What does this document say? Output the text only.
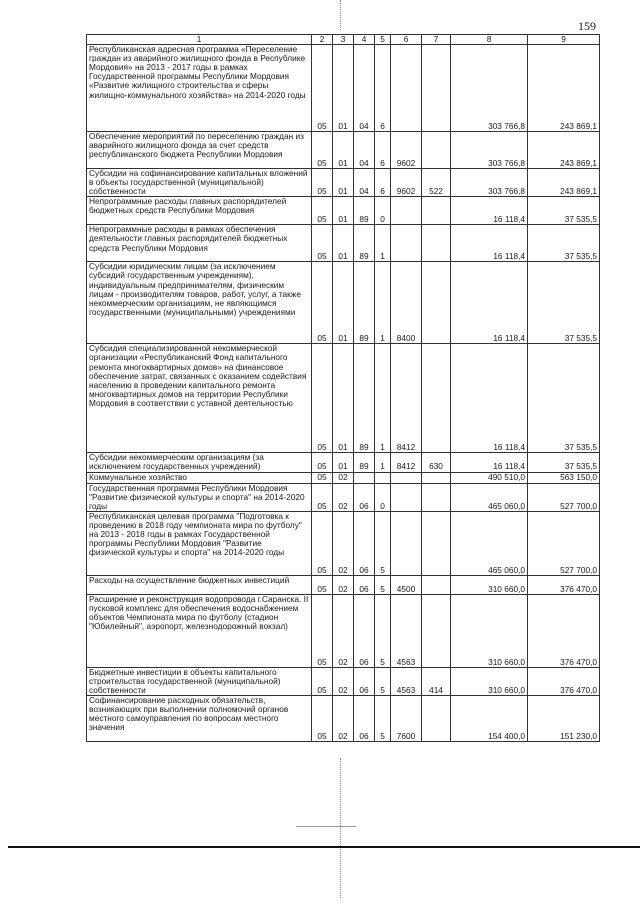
159
1	2	3	4	5	6	7	8	9
Республиканская адресная программа «Переселение граждан из аварийного жилищного фонда в Республике Мордовия» на 2013 - 2017 годы в рамках Государственной программы Республики Мордовия «Развитие жилищного строительства и сферы жилищно-коммунального хозяйства» на 2014-2020 годы	05	01	04	6			303 766,8	243 869,1
Обеспечение мероприятий по переселению граждан из аварийного жилищного фонда за счет средств республиканского бюджета Республики Мордовия	05	01	04	6	9602		303 766,8	243 869,1
Субсидии на софинансирование капитальных вложений в объекты государственной (муниципальной) собственности	05	01	04	6	9602	522	303 766,8	243 869,1
Непрограммные расходы главных распорядителей бюджетных средств Республики Мордовия	05	01	89	0			16 118,4	37 535,5
Непрограммные расходы в рамках обеспечения деятельности главных распорядителей бюджетных средств Республики Мордовия	05	01	89	1			16 118,4	37 535,5
Субсидии юридическим лицам (за исключением субсидий государственным учреждениям), индивидуальным предпринимателям, физическим лицам - производителям товаров, работ, услуг, а также некоммерческим организациям, не являющимся государственными (муниципальными) учреждениями	05	01	89	1	8400		16 118,4	37 535,5
Субсидия специализированной некоммерческой организации «Республиканский Фонд капитального ремонта многоквартирных домов» на финансовое обеспечение затрат, связанных с оказанием содействия населению в проведении капитального ремонта многоквартирных домов на территории Республики Мордовия в соответствии с уставной деятельностью	05	01	89	1	8412		16 118,4	37 535,5
Субсидии некоммерческим организациям (за исключением государственных учреждений)	05	01	89	1	8412	630	16 118,4	37 535,5
Коммунальное хозяйство	05	02					490 510,0	563 150,0
Государственная программа Республики Мордовия "Развитие физической культуры и спорта" на 2014-2020 годы	05	02	06	0			465 060,0	527 700,0
Республиканская целевая программа "Подготовка к проведению в 2018 году чемпионата мира по футболу" на 2013 - 2018 годы в рамках Государственной программы Республики Мордовия "Развитие физической культуры и спорта" на 2014-2020 годы	05	02	06	5			465 060,0	527 700,0
Расходы на осуществление бюджетных инвестиций	05	02	06	5	4500		310 660,0	376 470,0
Расширение и реконструкция водопровода г.Саранска. II пусковой комплекс для обеспечения водоснабжением объектов Чемпионата мира по футболу (стадион "Юбилейный", аэропорт, железнодорожный вокзал)	05	02	06	5	4563		310 660,0	376 470,0
Бюджетные инвестиции в объекты капитального строительства государственной (муниципальной) собственности	05	02	06	5	4563	414	310 660,0	376 470,0
Софинансирование расходных обязательств, возникающих при выполнении полномочий органов местного самоуправления по вопросам местного значения	05	02	06	5	7600		154 400,0	151 230,0
